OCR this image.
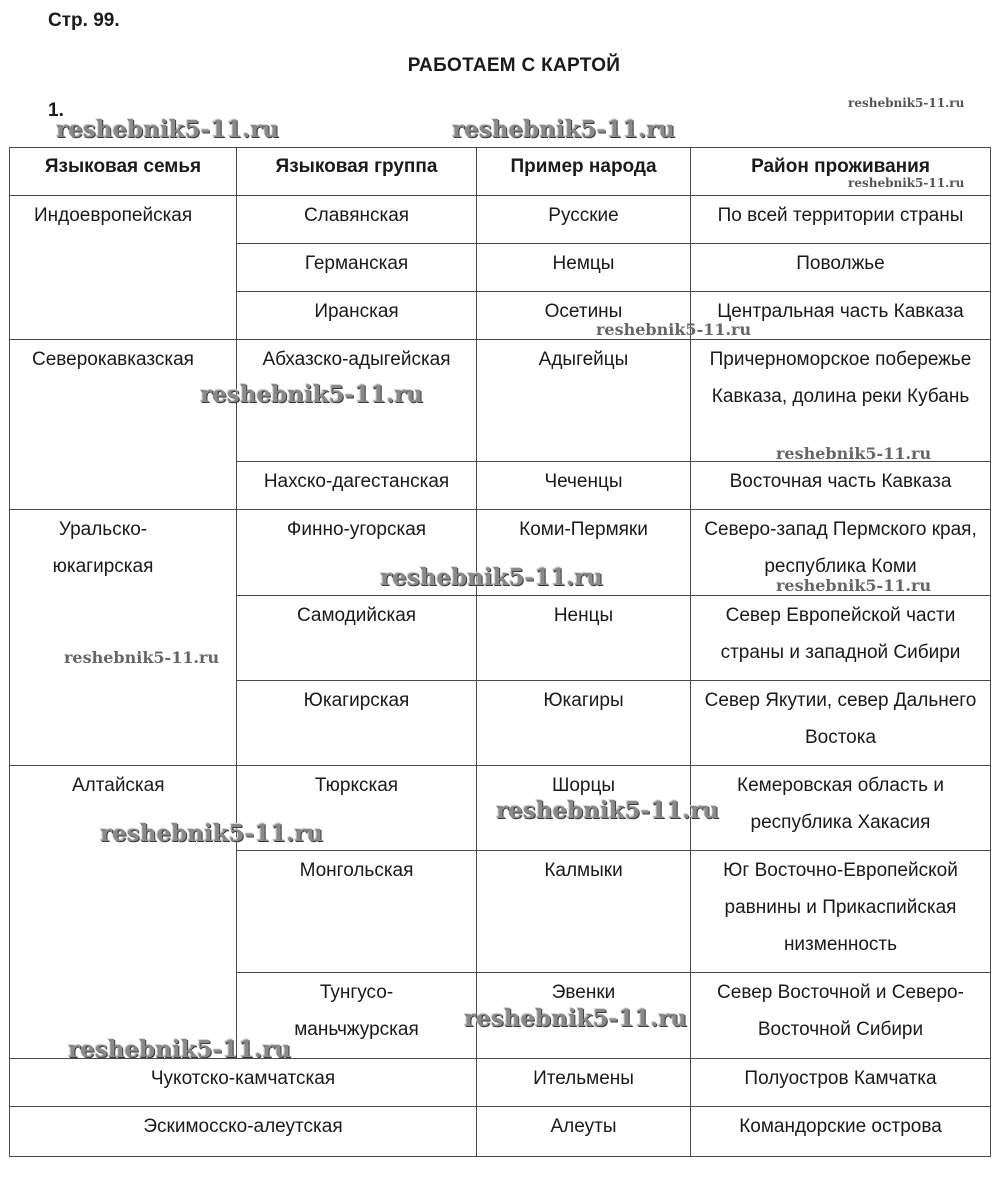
Стр. 99.
РАБОТАЕМ С КАРТОЙ
1.
Языковая семья	Языковая группа	Пример народа	Район проживания
Индоевропейская	Славянская	Русские	По всей территории страны
	Германская	Немцы	Поволжье
	Иранская	Осетины	Центральная часть Кавказа
Северокавказская	Абхазско-адыгейская	Адыгейцы	Причерноморское побережье Кавказа, долина реки Кубань
	Нахско-дагестанская	Чеченцы	Восточная часть Кавказа
Уральско-юкагирская	Финно-угорская	Коми-Пермяки	Северо-запад Пермского края, республика Коми
	Самодийская	Ненцы	Север Европейской части страны и западной Сибири
	Юкагирская	Юкагиры	Север Якутии, север Дальнего Востока
Алтайская	Тюркская	Шорцы	Кемеровская область и республика Хакасия
	Монгольская	Калмыки	Юг Восточно-Европейской равнины и Прикаспийская низменность
	Тунгусо-маньчжурская	Эвенки	Север Восточной и Северо-Восточной Сибири
Чукотско-камчатская		Ительмены	Полуостров Камчатка
Эскимосско-алеутская		Алеуты	Командорские острова
reshebnik5-11.ru
reshebnik5-11.ru	reshebnik5-11.ru
reshebnik5-11.ru
reshebnik5-11.ru
reshebnik5-11.ru
reshebnik5-11.ru
reshebnik5-11.ru	reshebnik5-11.ru
reshebnik5-11.ru
reshebnik5-11.ru
reshebnik5-11.ru
reshebnik5-11.ru
reshebnik5-11.ru
